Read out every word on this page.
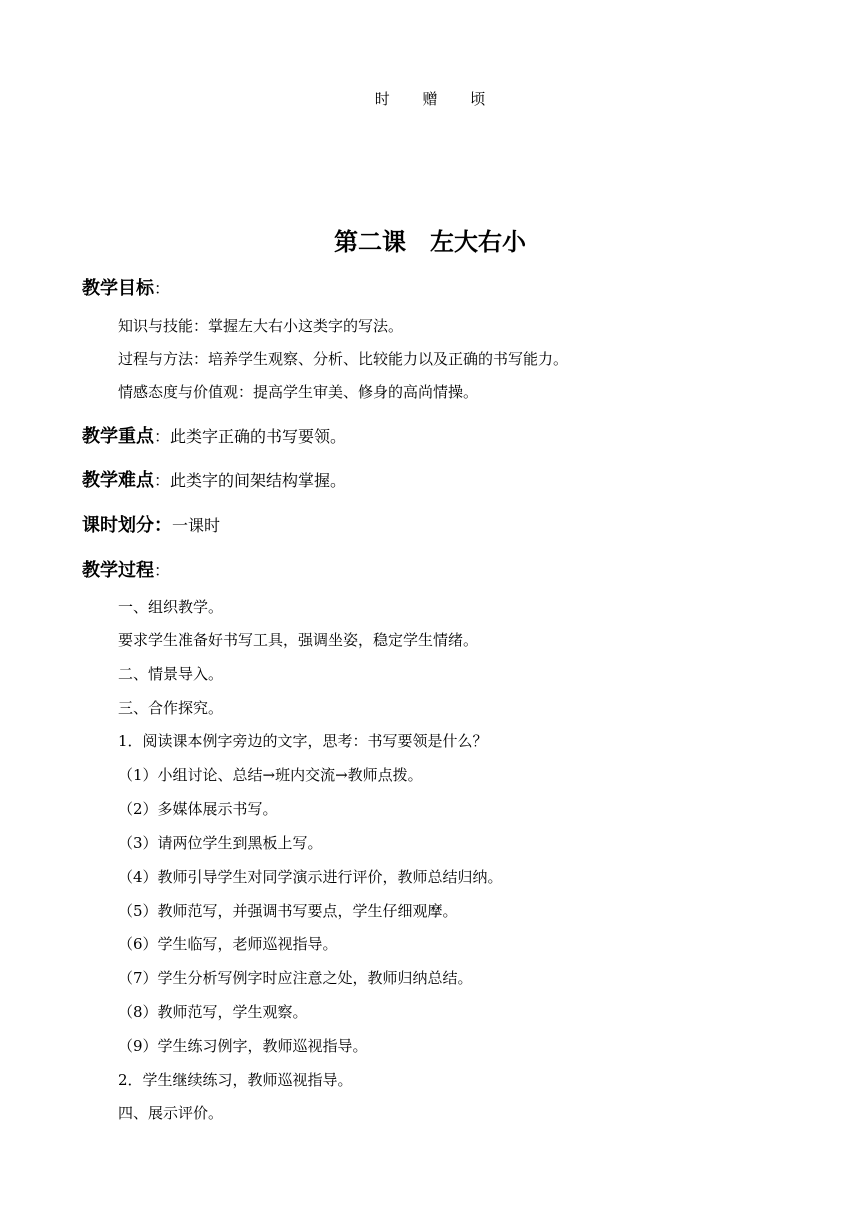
时 赠 顷
第二课　左大右小
教学目标：
知识与技能：掌握左大右小这类字的写法。
过程与方法：培养学生观察、分析、比较能力以及正确的书写能力。
情感态度与价值观：提高学生审美、修身的高尚情操。
教学重点：此类字正确的书写要领。
教学难点：此类字的间架结构掌握。
课时划分：一课时
教学过程：
一、组织教学。
要求学生准备好书写工具，强调坐姿，稳定学生情绪。
二、情景导入。
三、合作探究。
1．阅读课本例字旁边的文字，思考：书写要领是什么？
（1）小组讨论、总结→班内交流→教师点拨。
（2）多媒体展示书写。
（3）请两位学生到黑板上写。
（4）教师引导学生对同学演示进行评价，教师总结归纳。
（5）教师范写，并强调书写要点，学生仔细观摩。
（6）学生临写，老师巡视指导。
（7）学生分析写例字时应注意之处，教师归纳总结。
（8）教师范写，学生观察。
（9）学生练习例字，教师巡视指导。
2．学生继续练习，教师巡视指导。
四、展示评价。
